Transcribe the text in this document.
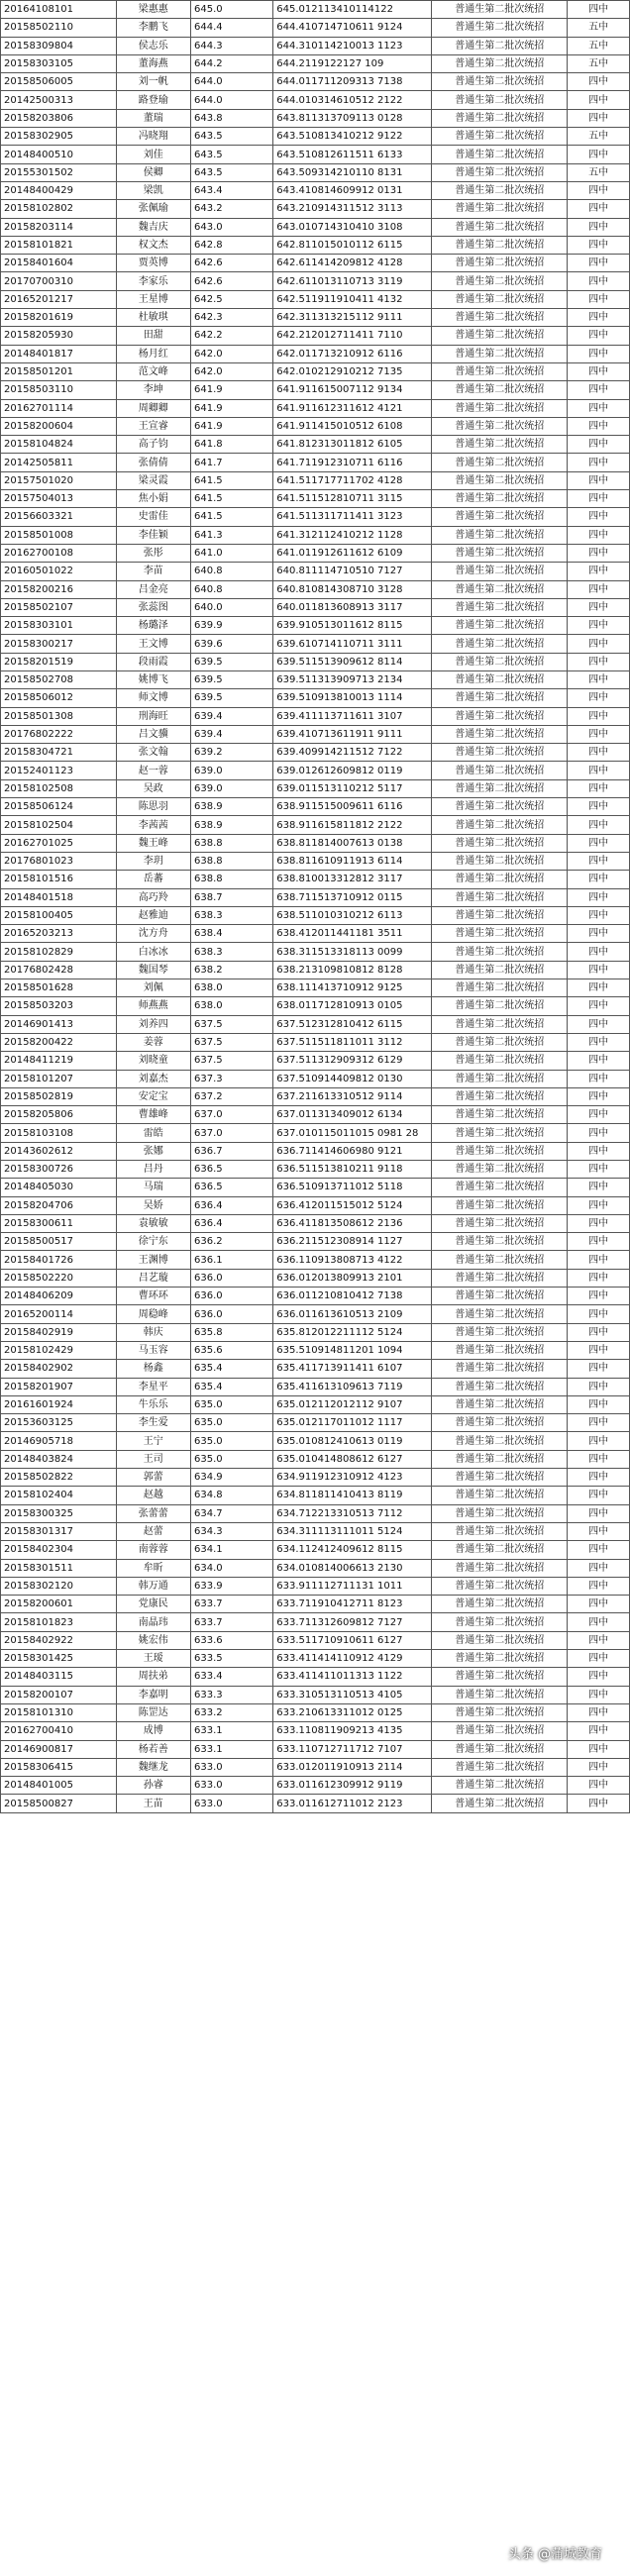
20164108101	梁惠惠	645.0	645.012113410114122	普通生第二批次统招	四中
20158502110	李鹏飞	644.4	644.410714710611 9124	普通生第二批次统招	五中
20158309804	侯志乐	644.3	644.310114210013 1123	普通生第二批次统招	五中
20158303105	董海燕	644.2	644.2119122127 109	普通生第二批次统招	五中
20158506005	刘一帆	644.0	644.011711209313 7138	普通生第二批次统招	四中
20142500313	路登瑜	644.0	644.010314610512 2122	普通生第二批次统招	四中
20158203806	董瑞	643.8	643.811313709113 0128	普通生第二批次统招	四中
20158302905	冯晓翔	643.5	643.510813410212 9122	普通生第二批次统招	五中
20148400510	刘佳	643.5	643.510812611511 6133	普通生第二批次统招	四中
20155301502	侯卿	643.5	643.509314210110 8131	普通生第二批次统招	五中
20148400429	梁凯	643.4	643.410814609912 0131	普通生第二批次统招	四中
20158102802	张佩瑜	643.2	643.210914311512 3113	普通生第二批次统招	四中
20158203114	魏吉庆	643.0	643.010714310410 3108	普通生第二批次统招	四中
20158101821	权文杰	642.8	642.811015010112 6115	普通生第二批次统招	四中
20158401604	贾英博	642.6	642.611414209812 4128	普通生第二批次统招	四中
20170700310	李家乐	642.6	642.611013110713 3119	普通生第二批次统招	四中
20165201217	王星博	642.5	642.511911910411 4132	普通生第二批次统招	四中
20158201619	杜敏琪	642.3	642.311313215112 9111	普通生第二批次统招	四中
20158205930	田甜	642.2	642.212012711411 7110	普通生第二批次统招	四中
20148401817	杨月红	642.0	642.011713210912 6116	普通生第二批次统招	四中
20158501201	范文峰	642.0	642.010212910212 7135	普通生第二批次统招	四中
20158503110	李坤	641.9	641.911615007112 9134	普通生第二批次统招	四中
20162701114	周卿卿	641.9	641.911612311612 4121	普通生第二批次统招	四中
20158200604	王宣睿	641.9	641.911415010512 6108	普通生第二批次统招	四中
20158104824	高子钧	641.8	641.812313011812 6105	普通生第二批次统招	四中
20142505811	张倩倩	641.7	641.711912310711 6116	普通生第二批次统招	四中
20157501020	梁灵霞	641.5	641.511717711702 4128	普通生第二批次统招	四中
20157504013	焦小娟	641.5	641.511512810711 3115	普通生第二批次统招	四中
20156603321	史雷佳	641.5	641.511311711411 3123	普通生第二批次统招	四中
20158501008	李佳颖	641.3	641.312112410212 1128	普通生第二批次统招	四中
20162700108	张彤	641.0	641.011912611612 6109	普通生第二批次统招	四中
20160501022	李苗	640.8	640.811114710510 7127	普通生第二批次统招	四中
20158200216	吕金亮	640.8	640.810814308710 3128	普通生第二批次统招	四中
20158502107	张蕊图	640.0	640.011813608913 3117	普通生第二批次统招	四中
20158303101	杨璐泽	639.9	639.910513011612 8115	普通生第二批次统招	四中
20158300217	王文博	639.6	639.610714110711 3111	普通生第二批次统招	四中
20158201519	段雨霞	639.5	639.511513909612 8114	普通生第二批次统招	四中
20158502708	姚博飞	639.5	639.511313909713 2134	普通生第二批次统招	四中
20158506012	师文博	639.5	639.510913810013 1114	普通生第二批次统招	四中
20158501308	刑海旺	639.4	639.411113711611 3107	普通生第二批次统招	四中
20176802222	吕文骥	639.4	639.410713611911 9111	普通生第二批次统招	四中
20158304721	张文翰	639.2	639.409914211512 7122	普通生第二批次统招	四中
20152401123	赵一蓉	639.0	639.012612609812 0119	普通生第二批次统招	四中
20158102508	吴政	639.0	639.011513110212 5117	普通生第二批次统招	四中
20158506124	陈思羽	638.9	638.911515009611 6116	普通生第二批次统招	四中
20158102504	李茜茜	638.9	638.911615811812 2122	普通生第二批次统招	四中
20162701025	魏王峰	638.8	638.811814007613 0138	普通生第二批次统招	四中
20176801023	李玥	638.8	638.811610911913 6114	普通生第二批次统招	四中
20158101516	岳蕃	638.8	638.810013312812 3117	普通生第二批次统招	四中
20148401518	高巧羚	638.7	638.711513710912 0115	普通生第二批次统招	四中
20158100405	赵雅迪	638.3	638.511010310212 6113	普通生第二批次统招	四中
20165203213	沈方舟	638.4	638.412011441181 3511	普通生第二批次统招	四中
20158102829	白冰冰	638.3	638.311513318113 0099	普通生第二批次统招	四中
20176802428	魏国琴	638.2	638.213109810812 8128	普通生第二批次统招	四中
20158501628	刘佩	638.0	638.111413710912 9125	普通生第二批次统招	四中
20158503203	师燕燕	638.0	638.011712810913 0105	普通生第二批次统招	四中
20146901413	刘养四	637.5	637.512312810412 6115	普通生第二批次统招	四中
20158200422	姜蓉	637.5	637.511511811011 3112	普通生第二批次统招	四中
20148411219	刘晓童	637.5	637.511312909312 6129	普通生第二批次统招	四中
20158101207	刘嘉杰	637.3	637.510914409812 0130	普通生第二批次统招	四中
20158502819	安定宝	637.2	637.211613310512 9114	普通生第二批次统招	四中
20158205806	曹雄峰	637.0	637.011313409012 6134	普通生第二批次统招	四中
20158103108	雷皓	637.0	637.010115011015 0981 28	普通生第二批次统招	四中
20143602612	张娜	636.7	636.711414606980 9121	普通生第二批次统招	四中
20158300726	吕丹	636.5	636.511513810211 9118	普通生第二批次统招	四中
20148405030	马瑞	636.5	636.510913711012 5118	普通生第二批次统招	四中
20158204706	吴娇	636.4	636.412011515012 5124	普通生第二批次统招	四中
20158300611	袁敏敏	636.4	636.411813508612 2136	普通生第二批次统招	四中
20158500517	徐宁东	636.2	636.211512308914 1127	普通生第二批次统招	四中
20158401726	王渊博	636.1	636.110913808713 4122	普通生第二批次统招	四中
20158502220	吕艺璇	636.0	636.012013809913 2101	普通生第二批次统招	四中
20148406209	曹环环	636.0	636.011210810412 7138	普通生第二批次统招	四中
20165200114	周稳峰	636.0	636.011613610513 2109	普通生第二批次统招	四中
20158402919	韩庆	635.8	635.812012211112 5124	普通生第二批次统招	四中
20158102429	马玉容	635.6	635.510914811201 1094	普通生第二批次统招	四中
20158402902	杨鑫	635.4	635.411713911411 6107	普通生第二批次统招	四中
20158201907	李星平	635.4	635.411613109613 7119	普通生第二批次统招	四中
20161601924	牛乐乐	635.0	635.012112012112 9107	普通生第二批次统招	四中
20153603125	李生爱	635.0	635.012117011012 1117	普通生第二批次统招	四中
20146905718	王宁	635.0	635.010812410613 0119	普通生第二批次统招	四中
20148403824	王司	635.0	635.010414808612 6127	普通生第二批次统招	四中
20158502822	郭蕾	634.9	634.911912310912 4123	普通生第二批次统招	四中
20158102404	赵越	634.8	634.811811410413 8119	普通生第二批次统招	四中
20158300325	张蕾蕾	634.7	634.712213310513 7112	普通生第二批次统招	四中
20158301317	赵蕾	634.3	634.311113111011 5124	普通生第二批次统招	四中
20158402304	南蓉蓉	634.1	634.112412409612 8115	普通生第二批次统招	四中
20158301511	牟昕	634.0	634.010814006613 2130	普通生第二批次统招	四中
20158302120	韩万通	633.9	633.911112711131 1011	普通生第二批次统招	四中
20158200601	党康民	633.7	633.711910412711 8123	普通生第二批次统招	四中
20158101823	南晶玮	633.7	633.711312609812 7127	普通生第二批次统招	四中
20158402922	姚宏伟	633.6	633.511710910611 6127	普通生第二批次统招	四中
20158301425	王瑷	633.5	633.411414110912 4129	普通生第二批次统招	四中
20148403115	周扶弟	633.4	633.411411011313 1122	普通生第二批次统招	四中
20158200107	李嘉明	633.3	633.310513110513 4105	普通生第二批次统招	四中
20158101310	陈罡达	633.2	633.210613311012 0125	普通生第二批次统招	四中
20162700410	成博	633.1	633.110811909213 4135	普通生第二批次统招	四中
20146900817	杨若善	633.1	633.110712711712 7107	普通生第二批次统招	四中
20158306415	魏继龙	633.0	633.012011910913 2114	普通生第二批次统招	四中
20148401005	孙睿	633.0	633.011612309912 9119	普通生第二批次统招	四中
20158500827	王苗	633.0	633.011612711012 2123	普通生第二批次统招	四中
头条 @蒲城教育
